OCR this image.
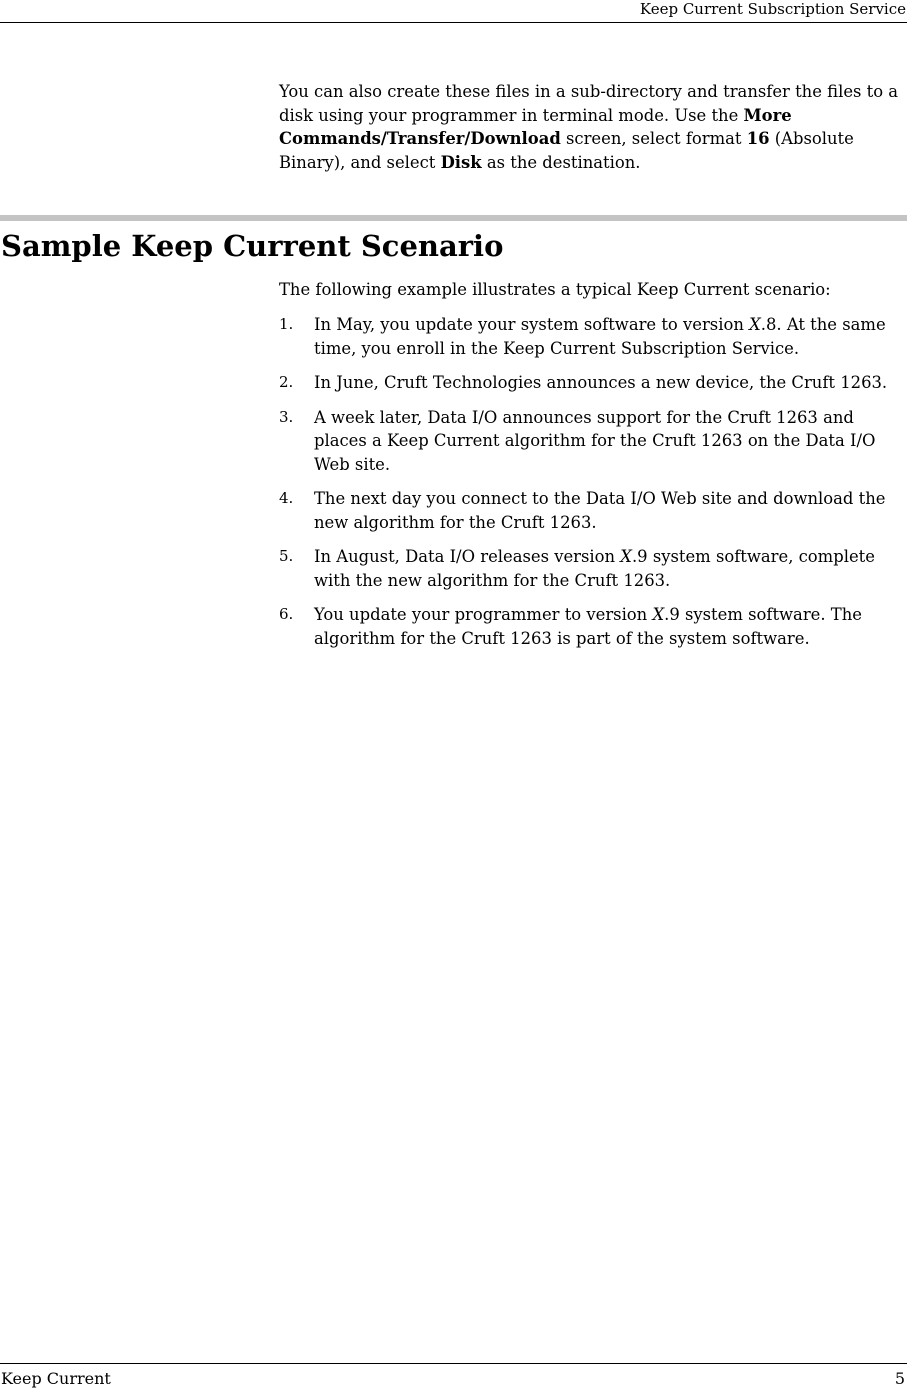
Keep Current Subscription Service

You can also create these files in a sub-directory and transfer the files to a disk using your programmer in terminal mode. Use the More Commands/Transfer/Download screen, select format 16 (Absolute Binary), and select Disk as the destination.

Sample Keep Current Scenario

The following example illustrates a typical Keep Current scenario:

1. In May, you update your system software to version X.8. At the same time, you enroll in the Keep Current Subscription Service.
2. In June, Cruft Technologies announces a new device, the Cruft 1263.
3. A week later, Data I/O announces support for the Cruft 1263 and places a Keep Current algorithm for the Cruft 1263 on the Data I/O Web site.
4. The next day you connect to the Data I/O Web site and download the new algorithm for the Cruft 1263.
5. In August, Data I/O releases version X.9 system software, complete with the new algorithm for the Cruft 1263.
6. You update your programmer to version X.9 system software. The algorithm for the Cruft 1263 is part of the system software.
Keep Current	5
